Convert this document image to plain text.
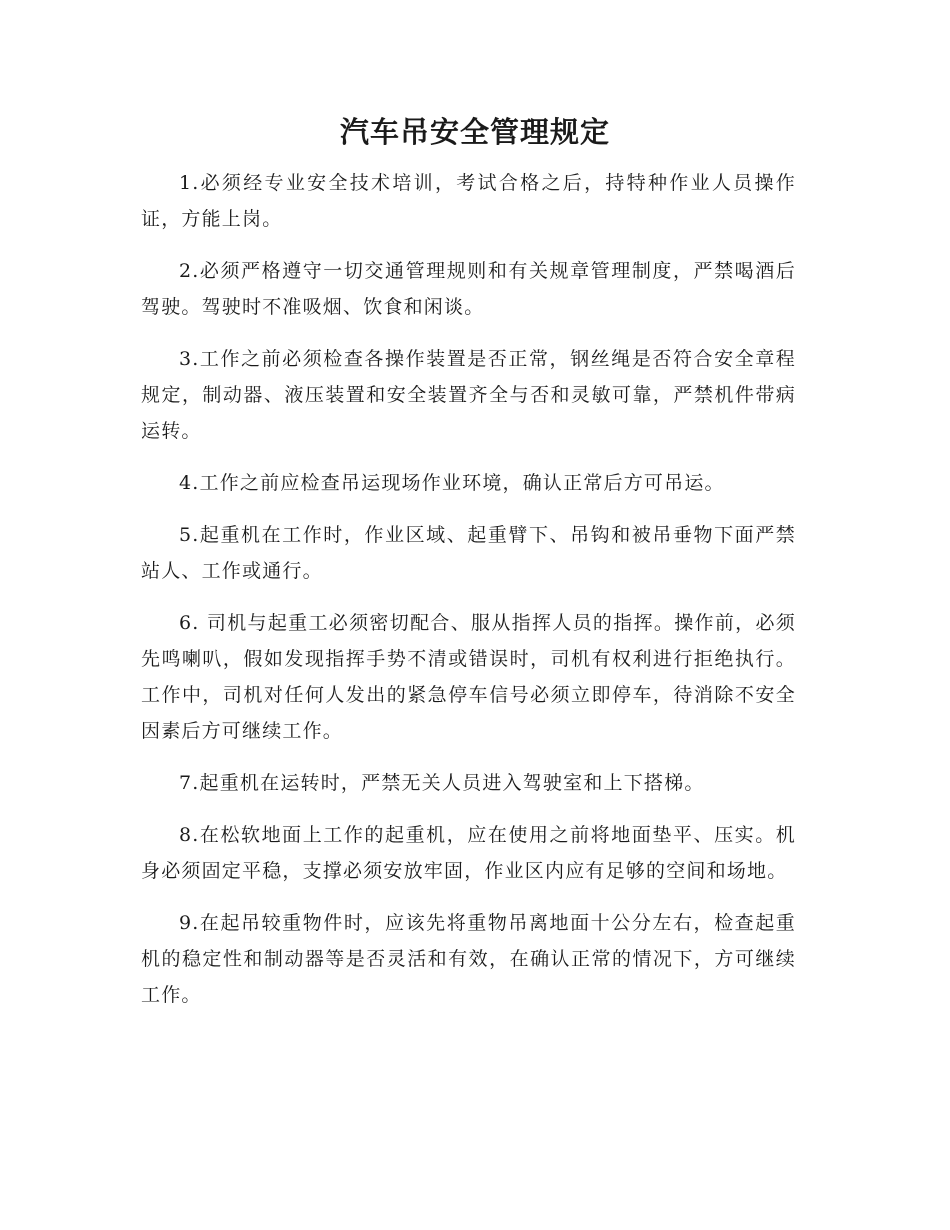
汽车吊安全管理规定

1.必须经专业安全技术培训，考试合格之后，持特种作业人员操作证，方能上岗。

2.必须严格遵守一切交通管理规则和有关规章管理制度，严禁喝酒后驾驶。驾驶时不准吸烟、饮食和闲谈。

3.工作之前必须检查各操作装置是否正常，钢丝绳是否符合安全章程规定，制动器、液压装置和安全装置齐全与否和灵敏可靠，严禁机件带病运转。

4.工作之前应检查吊运现场作业环境，确认正常后方可吊运。

5.起重机在工作时，作业区域、起重臂下、吊钩和被吊垂物下面严禁站人、工作或通行。

6. 司机与起重工必须密切配合、服从指挥人员的指挥。操作前，必须先鸣喇叭，假如发现指挥手势不清或错误时，司机有权利进行拒绝执行。工作中，司机对任何人发出的紧急停车信号必须立即停车，待消除不安全因素后方可继续工作。

7.起重机在运转时，严禁无关人员进入驾驶室和上下搭梯。

8.在松软地面上工作的起重机，应在使用之前将地面垫平、压实。机身必须固定平稳，支撑必须安放牢固，作业区内应有足够的空间和场地。

9.在起吊较重物件时，应该先将重物吊离地面十公分左右，检查起重机的稳定性和制动器等是否灵活和有效，在确认正常的情况下，方可继续工作。
